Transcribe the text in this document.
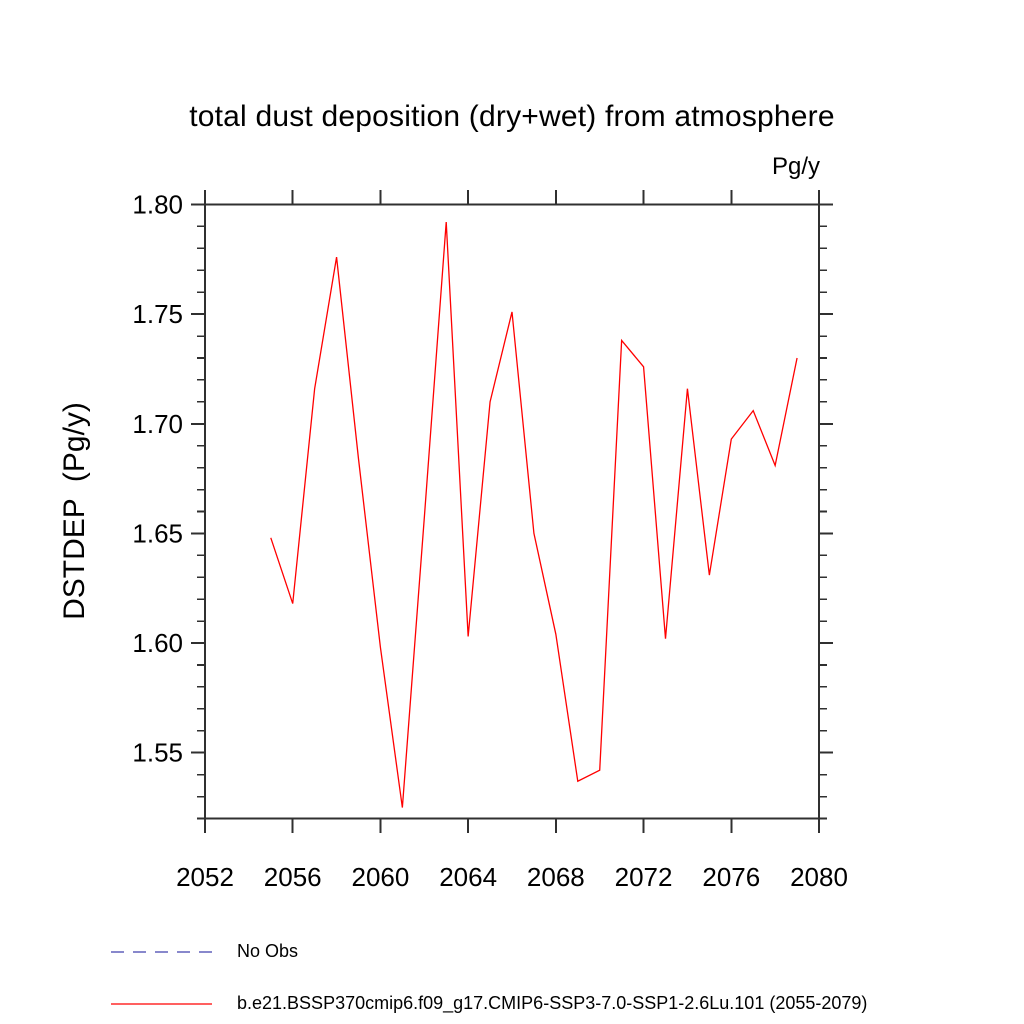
total dust deposition (dry+wet) from atmosphere
Pg/y
DSTDEP  (Pg/y)
2052 2056 2060 2064 2068 2072 2076 2080
1.55
1.60
1.65
1.70
1.75
1.80
No Obs
b.e21.BSSP370cmip6.f09_g17.CMIP6-SSP3-7.0-SSP1-2.6Lu.101 (2055-2079)
